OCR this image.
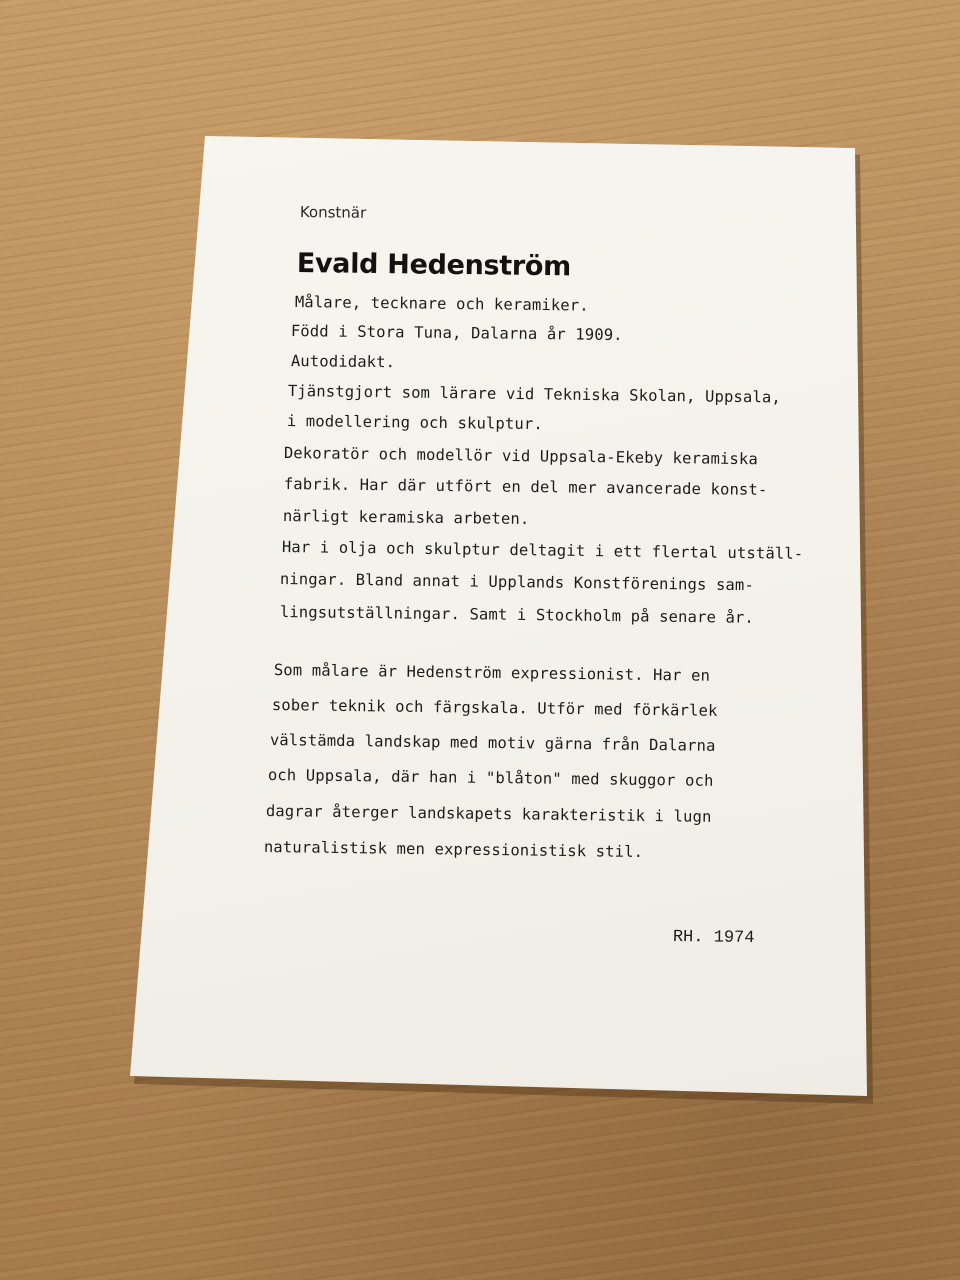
Konstnär
Evald Hedenström
Målare, tecknare och keramiker.
Född i Stora Tuna, Dalarna år 1909.
Autodidakt.
Tjänstgjort som lärare vid Tekniska Skolan, Uppsala,
i modellering och skulptur.
Dekoratör och modellör vid Uppsala-Ekeby keramiska
fabrik. Har där utfört en del mer avancerade konst-
närligt keramiska arbeten.
Har i olja och skulptur deltagit i ett flertal utställ-
ningar. Bland annat i Upplands Konstförenings sam-
lingsutställningar. Samt i Stockholm på senare år.
Som målare är Hedenström expressionist. Har en
sober teknik och färgskala. Utför med förkärlek
välstämda landskap med motiv gärna från Dalarna
och Uppsala, där han i "blåton" med skuggor och
dagrar återger landskapets karakteristik i lugn
naturalistisk men expressionistisk stil.
RH. 1974
